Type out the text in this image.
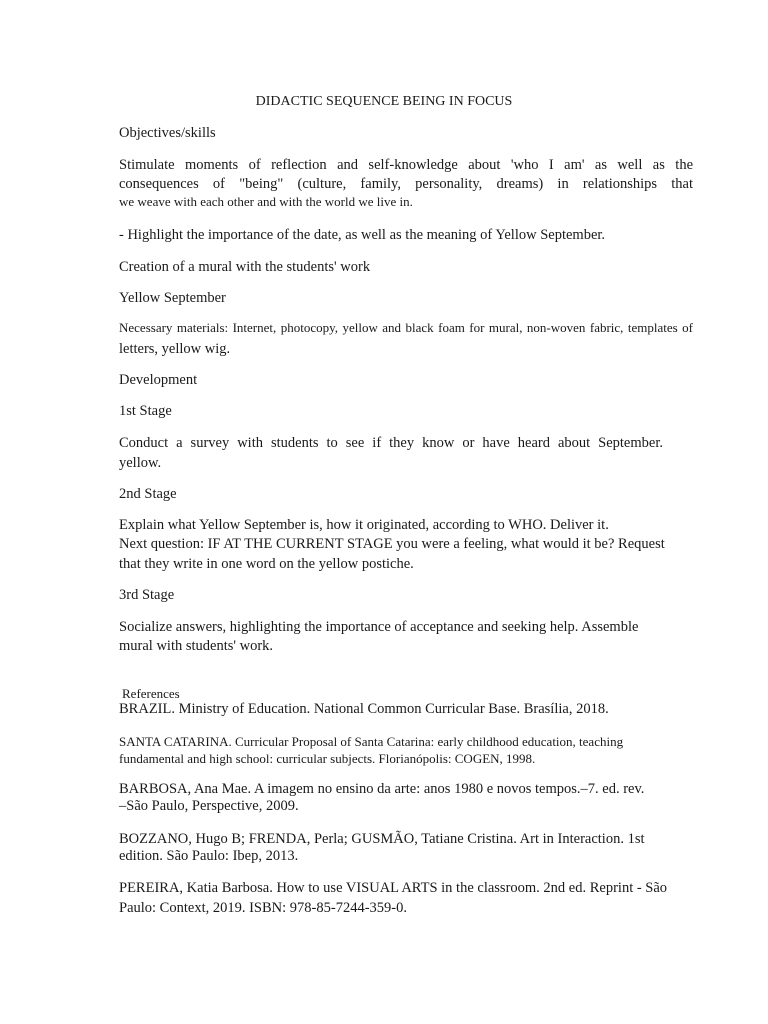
DIDACTIC SEQUENCE BEING IN FOCUS

Objectives/skills

Stimulate moments of reflection and self-knowledge about 'who I am' as well as the

consequences of "being" (culture, family, personality, dreams) in relationships that

we weave with each other and with the world we live in.

- Highlight the importance of the date, as well as the meaning of Yellow September.

Creation of a mural with the students' work

Yellow September

Necessary materials: Internet, photocopy, yellow and black foam for mural, non-woven fabric, templates of

letters, yellow wig.

Development

1st Stage

Conduct a survey with students to see if they know or have heard about September.

yellow.

2nd Stage

Explain what Yellow September is, how it originated, according to WHO. Deliver it.

Next question: IF AT THE CURRENT STAGE you were a feeling, what would it be? Request

that they write in one word on the yellow postiche.

3rd Stage

Socialize answers, highlighting the importance of acceptance and seeking help. Assemble

mural with students' work.

References

BRAZIL. Ministry of Education. National Common Curricular Base. Brasília, 2018.

SANTA CATARINA. Curricular Proposal of Santa Catarina: early childhood education, teaching

fundamental and high school: curricular subjects. Florianópolis: COGEN, 1998.

BARBOSA, Ana Mae. A imagem no ensino da arte: anos 1980 e novos tempos.–7. ed. rev.

–São Paulo, Perspective, 2009.

BOZZANO, Hugo B; FRENDA, Perla; GUSMÃO, Tatiane Cristina. Art in Interaction. 1st

edition. São Paulo: Ibep, 2013.

PEREIRA, Katia Barbosa. How to use VISUAL ARTS in the classroom. 2nd ed. Reprint - São

Paulo: Context, 2019. ISBN: 978-85-7244-359-0.
